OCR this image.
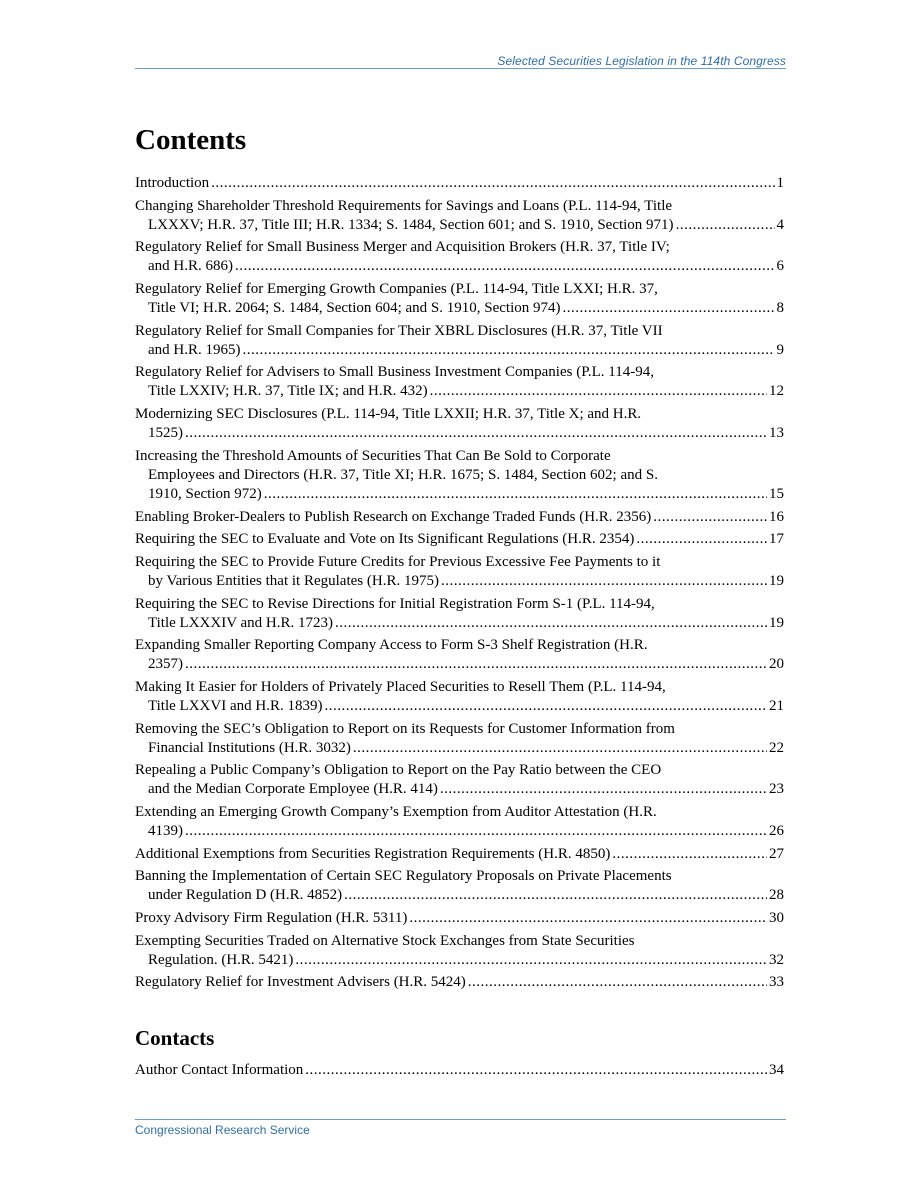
Selected Securities Legislation in the 114th Congress
Contents
Introduction .....	1
Changing Shareholder Threshold Requirements for Savings and Loans (P.L. 114-94, Title
LXXXV; H.R. 37, Title III; H.R. 1334; S. 1484, Section 601; and S. 1910, Section 971) .....	4
Regulatory Relief for Small Business Merger and Acquisition Brokers (H.R. 37, Title IV;
and H.R. 686) .....	6
Regulatory Relief for Emerging Growth Companies (P.L. 114-94, Title LXXI; H.R. 37,
Title VI; H.R. 2064; S. 1484, Section 604; and S. 1910, Section 974) .....	8
Regulatory Relief for Small Companies for Their XBRL Disclosures (H.R. 37, Title VII
and H.R. 1965) .....	9
Regulatory Relief for Advisers to Small Business Investment Companies (P.L. 114-94,
Title LXXIV; H.R. 37, Title IX; and H.R. 432) .....	12
Modernizing SEC Disclosures (P.L. 114-94, Title LXXII; H.R. 37, Title X; and H.R.
1525) .....	13
Increasing the Threshold Amounts of Securities That Can Be Sold to Corporate
Employees and Directors (H.R. 37, Title XI; H.R. 1675; S. 1484, Section 602; and S.
1910, Section 972) .....	15
Enabling Broker-Dealers to Publish Research on Exchange Traded Funds (H.R. 2356) .....	16
Requiring the SEC to Evaluate and Vote on Its Significant Regulations (H.R. 2354) .....	17
Requiring the SEC to Provide Future Credits for Previous Excessive Fee Payments to it
by Various Entities that it Regulates (H.R. 1975) .....	19
Requiring the SEC to Revise Directions for Initial Registration Form S-1 (P.L. 114-94,
Title LXXXIV and H.R. 1723) .....	19
Expanding Smaller Reporting Company Access to Form S-3 Shelf Registration (H.R.
2357) .....	20
Making It Easier for Holders of Privately Placed Securities to Resell Them (P.L. 114-94,
Title LXXVI and H.R. 1839) .....	21
Removing the SEC’s Obligation to Report on its Requests for Customer Information from
Financial Institutions (H.R. 3032) .....	22
Repealing a Public Company’s Obligation to Report on the Pay Ratio between the CEO
and the Median Corporate Employee (H.R. 414) .....	23
Extending an Emerging Growth Company’s Exemption from Auditor Attestation (H.R.
4139) .....	26
Additional Exemptions from Securities Registration Requirements (H.R. 4850) .....	27
Banning the Implementation of Certain SEC Regulatory Proposals on Private Placements
under Regulation D (H.R. 4852) .....	28
Proxy Advisory Firm Regulation (H.R. 5311) .....	30
Exempting Securities Traded on Alternative Stock Exchanges from State Securities
Regulation. (H.R. 5421) .....	32
Regulatory Relief for Investment Advisers (H.R. 5424) .....	33
Contacts
Author Contact Information .....	34
Congressional Research Service
